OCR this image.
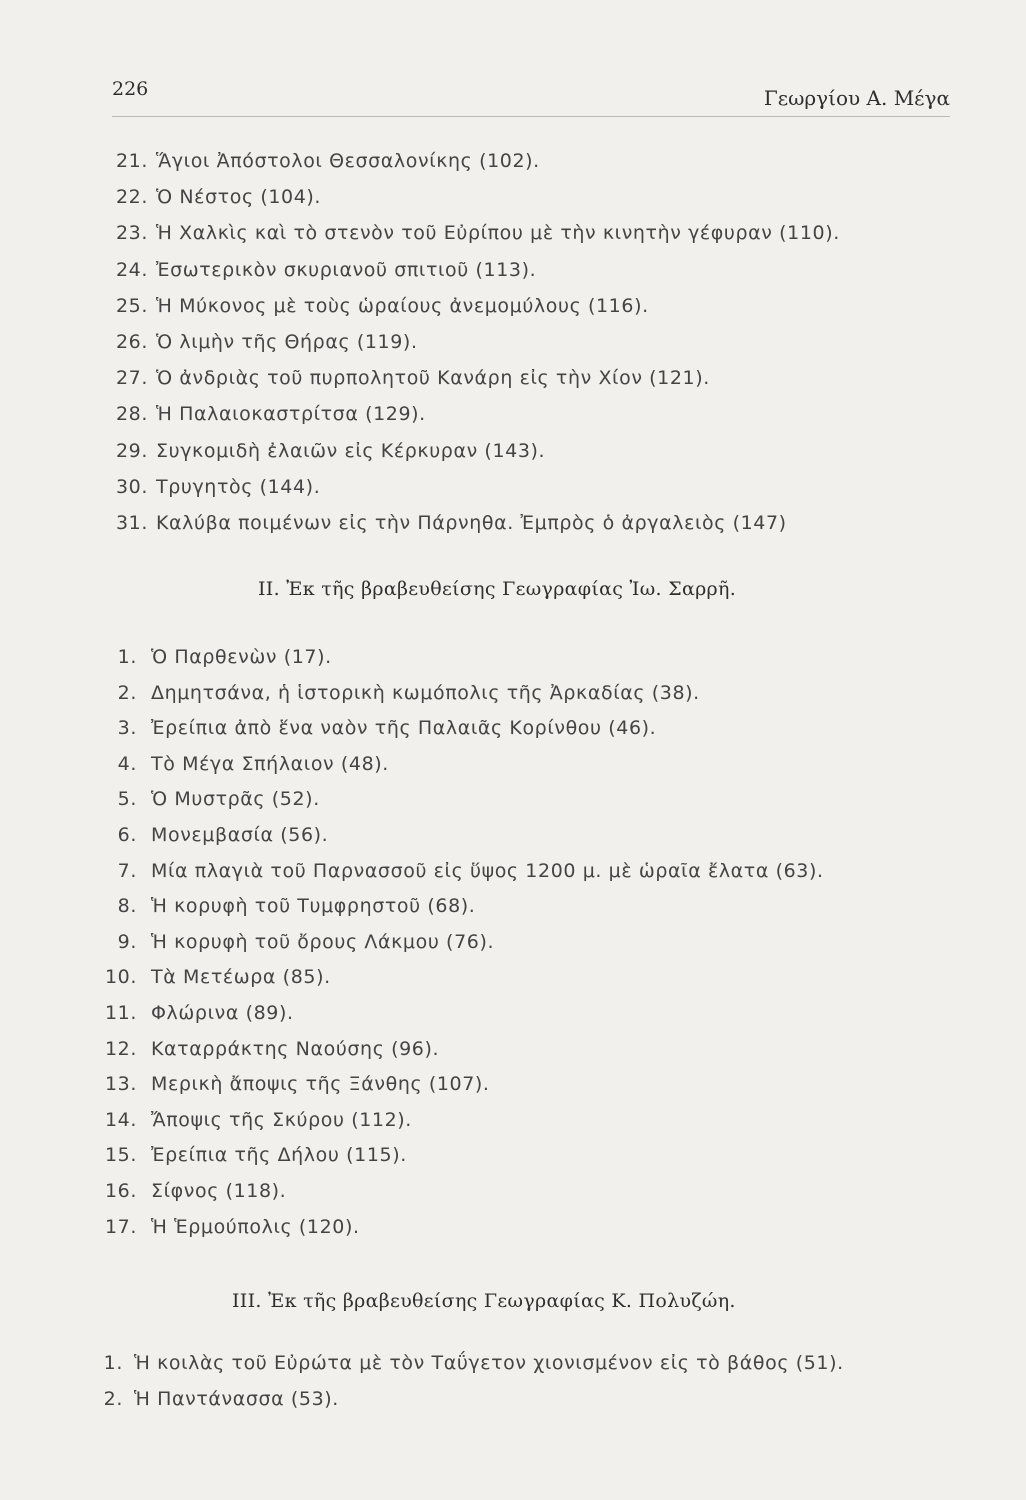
226	Γεωργίου Α. Μέγα
21. Ἅγιοι Ἀπόστολοι Θεσσαλονίκης (102).
22. Ὁ Νέστος (104).
23. Ἡ Χαλκὶς καὶ τὸ στενὸν τοῦ Εὐρίπου μὲ τὴν κινητὴν γέφυραν (110).
24. Ἐσωτερικὸν σκυριανοῦ σπιτιοῦ (113).
25. Ἡ Μύκονος μὲ τοὺς ὡραίους ἀνεμομύλους (116).
26. Ὁ λιμὴν τῆς Θήρας (119).
27. Ὁ ἀνδριὰς τοῦ πυρπολητοῦ Κανάρη εἰς τὴν Χίον (121).
28. Ἡ Παλαιοκαστρίτσα (129).
29. Συγκομιδὴ ἐλαιῶν εἰς Κέρκυραν (143).
30. Τρυγητὸς (144).
31. Καλύβα ποιμένων εἰς τὴν Πάρνηθα. Ἐμπρὸς ὁ ἀργαλειὸς (147)
II. Ἐκ τῆς βραβευθείσης Γεωγραφίας Ἰω. Σαρρῆ.
1. Ὁ Παρθενὼν (17).
2. Δημητσάνα, ἡ ἱστορικὴ κωμόπολις τῆς Ἀρκαδίας (38).
3. Ἐρείπια ἀπὸ ἕνα ναὸν τῆς Παλαιᾶς Κορίνθου (46).
4. Τὸ Μέγα Σπήλαιον (48).
5. Ὁ Μυστρᾶς (52).
6. Μονεμβασία (56).
7. Μία πλαγιὰ τοῦ Παρνασσοῦ εἰς ὕψος 1200 μ. μὲ ὡραῖα ἔλατα (63).
8. Ἡ κορυφὴ τοῦ Τυμφρηστοῦ (68).
9. Ἡ κορυφὴ τοῦ ὄρους Λάκμου (76).
10. Τὰ Μετέωρα (85).
11. Φλώρινα (89).
12. Καταρράκτης Ναούσης (96).
13. Μερικὴ ἄποψις τῆς Ξάνθης (107).
14. Ἄποψις τῆς Σκύρου (112).
15. Ἐρείπια τῆς Δήλου (115).
16. Σίφνος (118).
17. Ἡ Ἑρμούπολις (120).
III. Ἐκ τῆς βραβευθείσης Γεωγραφίας Κ. Πολυζώη.
1. Ἡ κοιλὰς τοῦ Εὐρώτα μὲ τὸν Ταΰγετον χιονισμένον εἰς τὸ βάθος (51).
2. Ἡ Παντάνασσα (53).
